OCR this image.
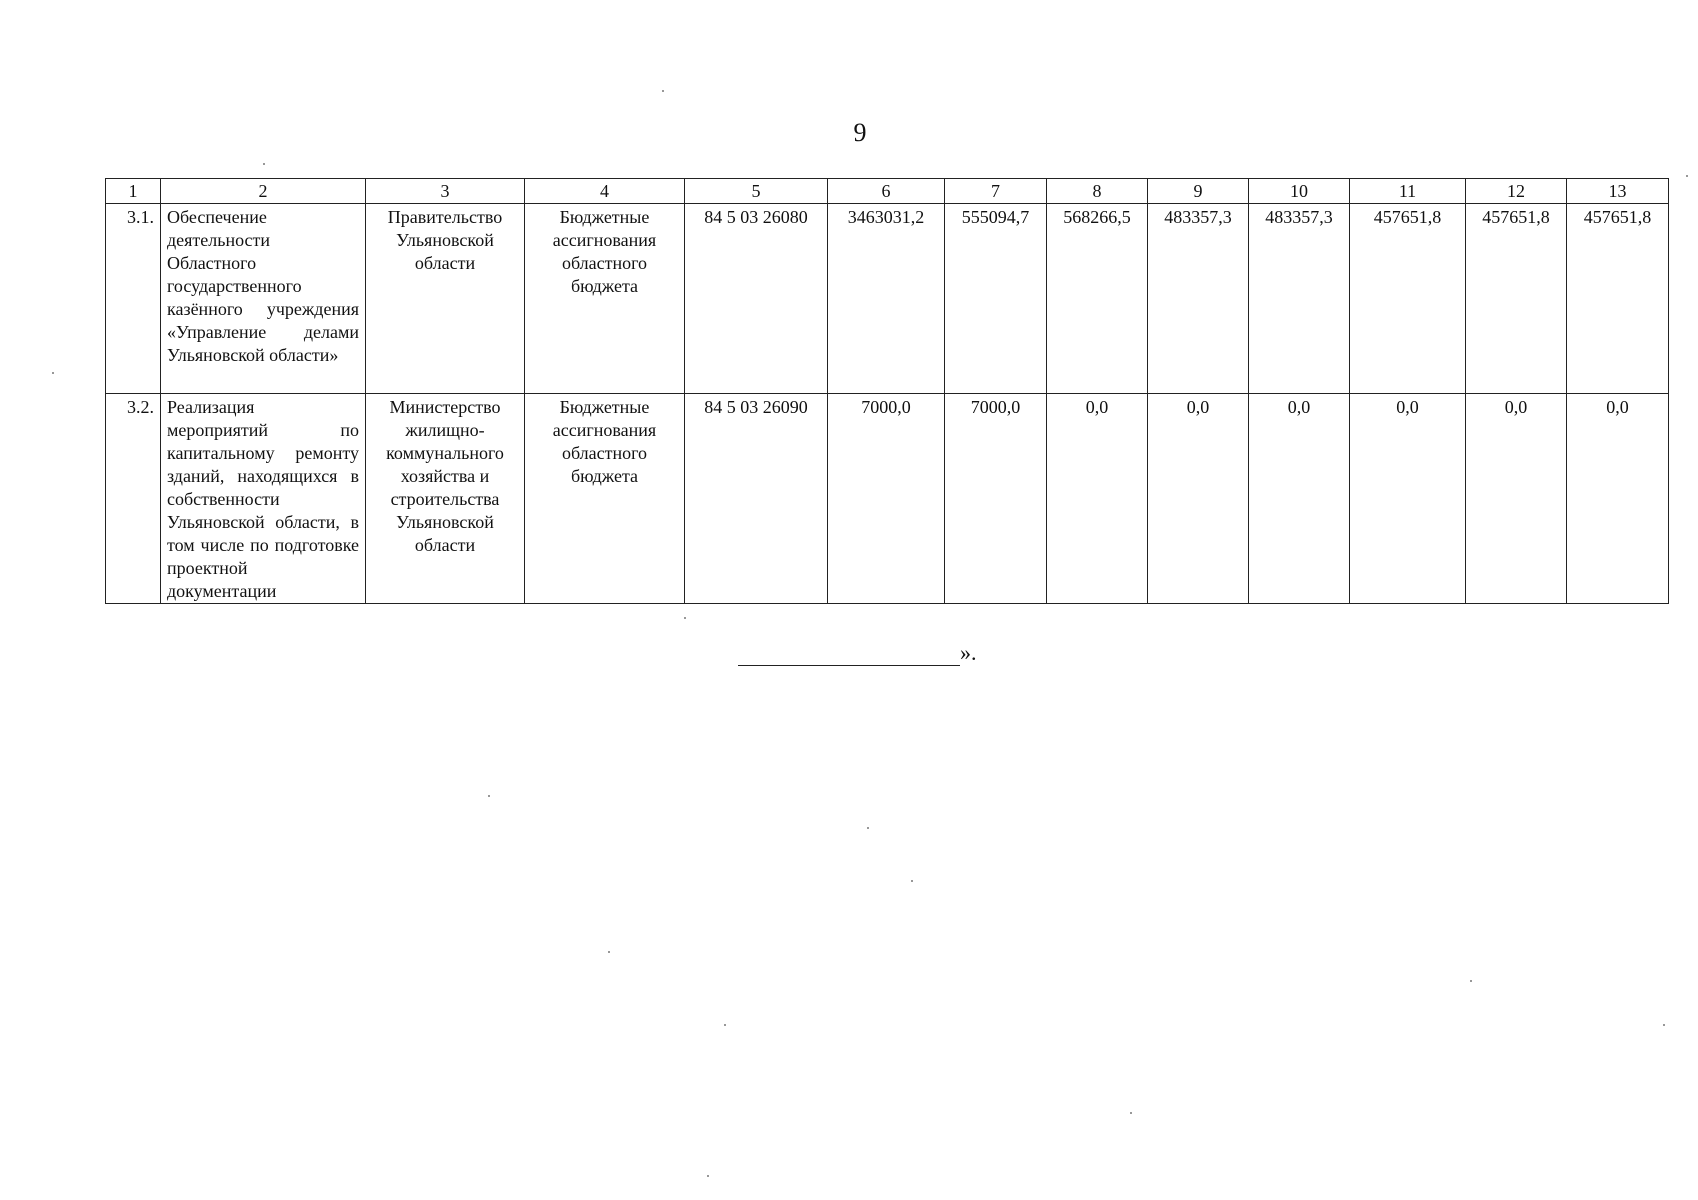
9
1	2	3	4	5	6	7	8	9	10	11	12	13
3.1.	Обеспечение деятельности Областного государственного казённого учреждения «Управление делами Ульяновской области»	Правительство Ульяновской области	Бюджетные ассигнования областного бюджета	84 5 03 26080	3463031,2	555094,7	568266,5	483357,3	483357,3	457651,8	457651,8	457651,8
3.2.	Реализация мероприятий по капитальному ремонту зданий, находящихся в собственности Ульяновской области, в том числе по подготовке проектной документации	Министерство жилищно-коммунального хозяйства и строительства Ульяновской области	Бюджетные ассигнования областного бюджета	84 5 03 26090	7000,0	7000,0	0,0	0,0	0,0	0,0	0,0	0,0
».
